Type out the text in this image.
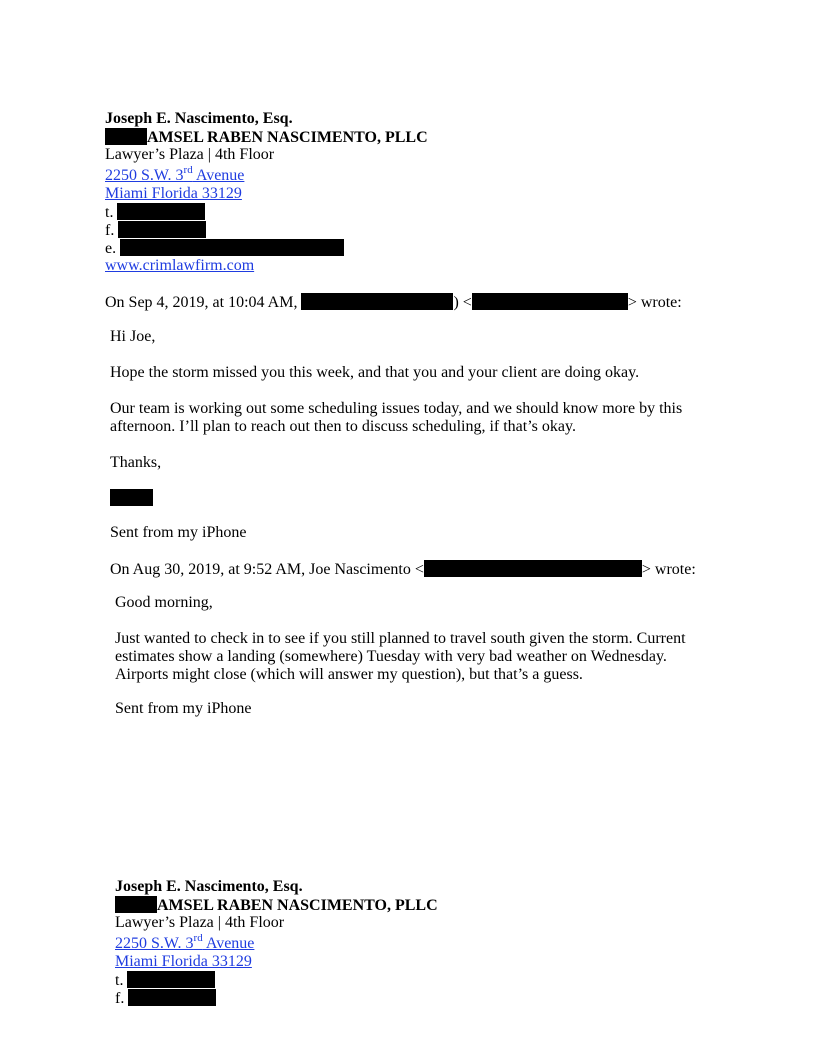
Joseph E. Nascimento, Esq.
AMSEL RABEN NASCIMENTO, PLLC
Lawyer’s Plaza | 4th Floor
2250 S.W. 3rd Avenue
Miami Florida 33129
t.
f.
e.
www.crimlawfirm.com
On Sep 4, 2019, at 10:04 AM,	) <	> wrote:
Hi Joe,
Hope the storm missed you this week, and that you and your client are doing okay.
Our team is working out some scheduling issues today, and we should know more by this
afternoon. I’ll plan to reach out then to discuss scheduling, if that’s okay.
Thanks,
Sent from my iPhone
On Aug 30, 2019, at 9:52 AM, Joe Nascimento <	> wrote:
Good morning,
Just wanted to check in to see if you still planned to travel south given the storm. Current
estimates show a landing (somewhere) Tuesday with very bad weather on Wednesday.
Airports might close (which will answer my question), but that’s a guess.
Sent from my iPhone
Joseph E. Nascimento, Esq.
AMSEL RABEN NASCIMENTO, PLLC
Lawyer’s Plaza | 4th Floor
2250 S.W. 3rd Avenue
Miami Florida 33129
t.
f.
